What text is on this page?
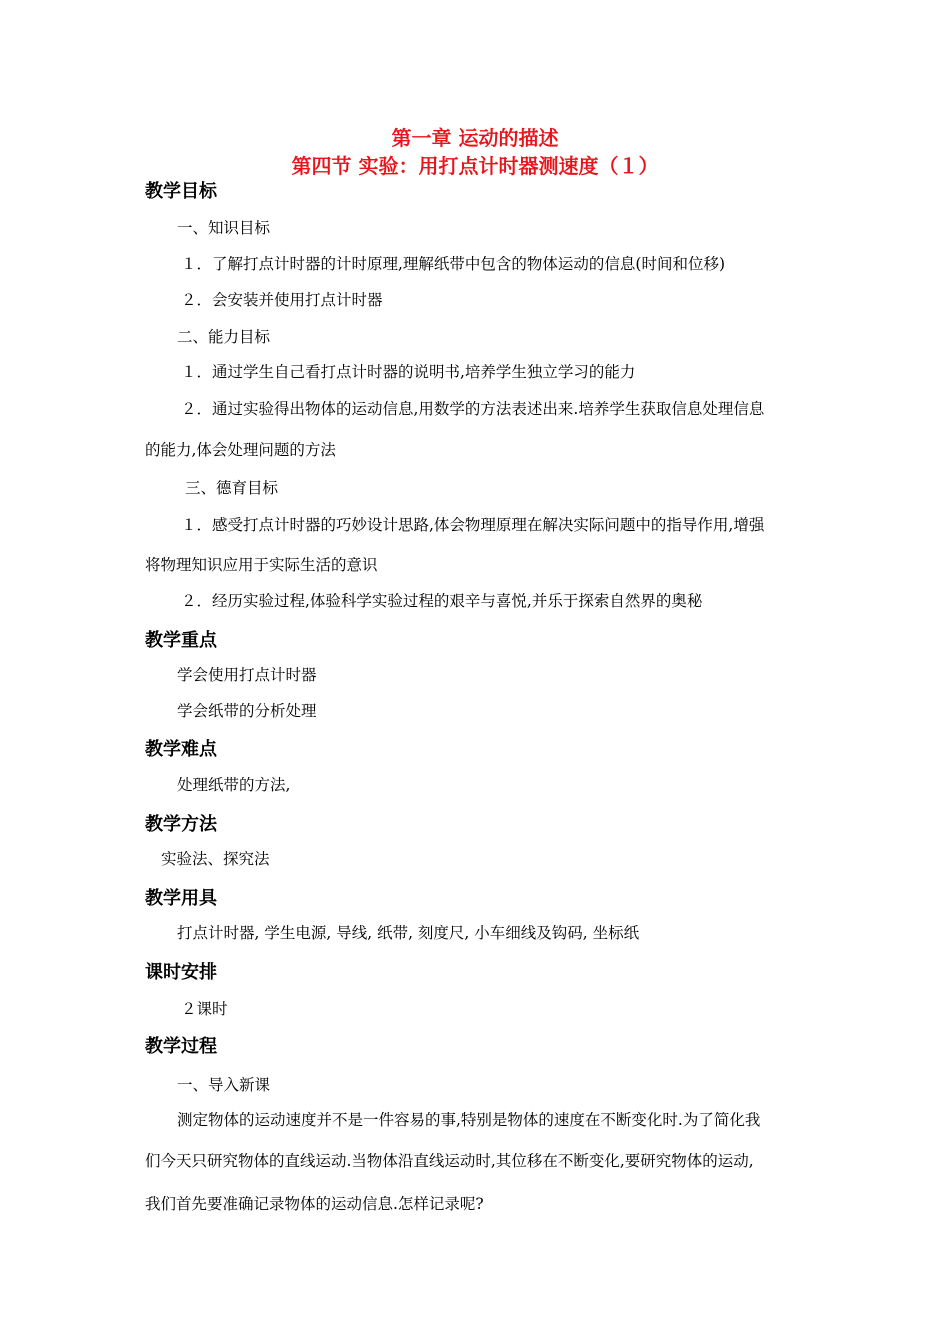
第一章 运动的描述
第四节 实验：用打点计时器测速度（１）
教学目标
一、知识目标
１．了解打点计时器的计时原理,理解纸带中包含的物体运动的信息(时间和位移)
２．会安装并使用打点计时器
二、能力目标
１．通过学生自己看打点计时器的说明书,培养学生独立学习的能力
２．通过实验得出物体的运动信息,用数学的方法表述出来.培养学生获取信息处理信息
的能力,体会处理问题的方法
三、德育目标
１．感受打点计时器的巧妙设计思路,体会物理原理在解决实际问题中的指导作用,增强
将物理知识应用于实际生活的意识
２．经历实验过程,体验科学实验过程的艰辛与喜悦,并乐于探索自然界的奥秘
教学重点
学会使用打点计时器
学会纸带的分析处理
教学难点
处理纸带的方法,
教学方法
实验法、探究法
教学用具
打点计时器, 学生电源, 导线, 纸带, 刻度尺, 小车细线及钩码, 坐标纸
课时安排
２课时
教学过程
一、导入新课
测定物体的运动速度并不是一件容易的事,特别是物体的速度在不断变化时.为了简化我
们今天只研究物体的直线运动.当物体沿直线运动时,其位移在不断变化,要研究物体的运动,
我们首先要准确记录物体的运动信息.怎样记录呢?
